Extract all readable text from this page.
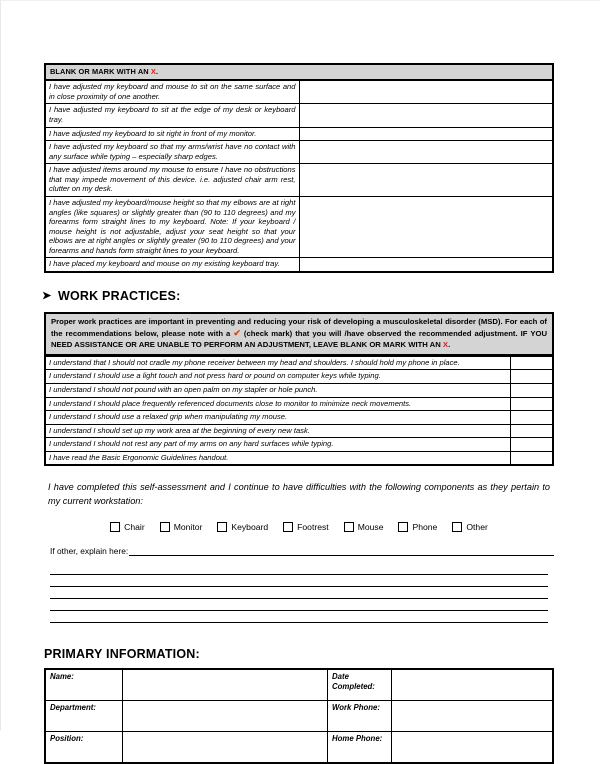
BLANK OR MARK WITH AN X.	
I have adjusted my keyboard and mouse to sit on the same surface and in close proximity of one another.	
I have adjusted my keyboard to sit at the edge of my desk or keyboard tray.	
I have adjusted my keyboard to sit right in front of my monitor.	
I have adjusted my keyboard so that my arms/wrist have no contact with any surface while typing – especially sharp edges.	
I have adjusted items around my mouse to ensure I have no obstructions that may impede movement of this device. i.e. adjusted chair arm rest, clutter on my desk.	
I have adjusted my keyboard/mouse height so that my elbows are at right angles (like squares) or slightly greater than (90 to 110 degrees) and my forearms form straight lines to my keyboard. Note: If your keyboard / mouse height is not adjustable, adjust your seat height so that your elbows are at right angles or slightly greater (90 to 110 degrees) and your forearms and hands form straight lines to your keyboard.	
I have placed my keyboard and mouse on my existing keyboard tray.	
➤ WORK PRACTICES:
Proper work practices are important in preventing and reducing your risk of developing a musculoskeletal disorder (MSD). For each of the recommendations below, please note with a ✔ (check mark) that you will /have observed the recommended adjustment. IF YOU NEED ASSISTANCE OR ARE UNABLE TO PERFORM AN ADJUSTMENT, LEAVE BLANK OR MARK WITH AN X.
I understand that I should not cradle my phone receiver between my head and shoulders. I should hold my phone in place.	
I understand I should use a light touch and not press hard or pound on computer keys while typing.	
I understand I should not pound with an open palm on my stapler or hole punch.	
I understand I should place frequently referenced documents close to monitor to minimize neck movements.	
I understand I should use a relaxed grip when manipulating my mouse.	
I understand I should set up my work area at the beginning of every new task.	
I understand I should not rest any part of my arms on any hard surfaces while typing.	
I have read the Basic Ergonomic Guidelines handout.	
I have completed this self-assessment and I continue to have difficulties with the following components as they pertain to my current workstation:
Chair	Monitor	Keyboard	Footrest	Mouse	Phone	Other
If other, explain here:
PRIMARY INFORMATION:
Name:		Date Completed:	
Department:		Work Phone:	
Position:		Home Phone:	
